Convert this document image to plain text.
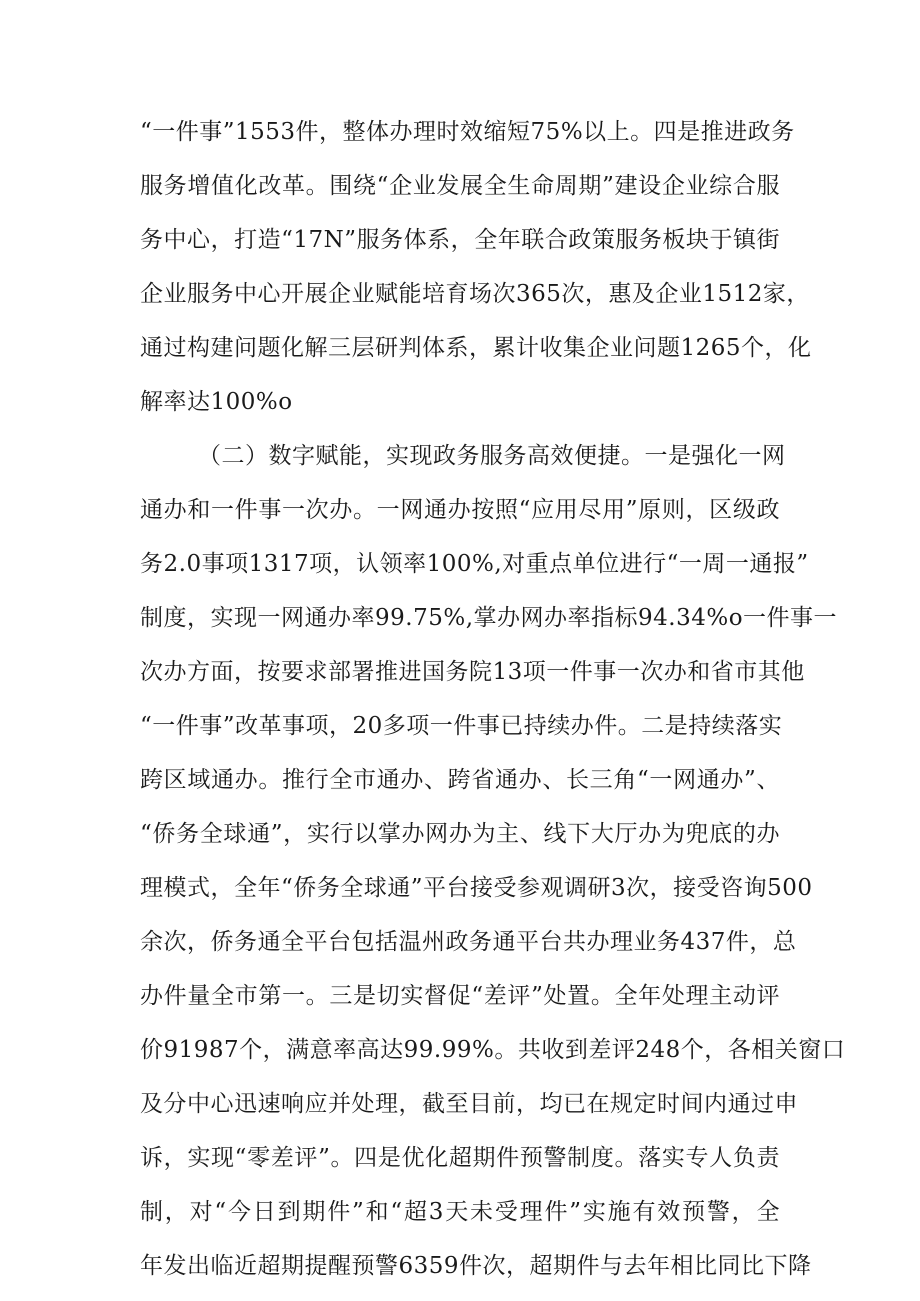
“一件事”1553件，整体办理时效缩短75%以上。四是推进政务
服务增值化改革。围绕“企业发展全生命周期”建设企业综合服
务中心，打造“17N”服务体系，全年联合政策服务板块于镇街
企业服务中心开展企业赋能培育场次365次，惠及企业1512家，
通过构建问题化解三层研判体系，累计收集企业问题1265个，化
解率达100%o
（二）数字赋能，实现政务服务高效便捷。一是强化一网
通办和一件事一次办。一网通办按照“应用尽用”原则，区级政
务2.0事项1317项，认领率100%,对重点单位进行“一周一通报”
制度，实现一网通办率99.75%,掌办网办率指标94.34%o一件事一
次办方面，按要求部署推进国务院13项一件事一次办和省市其他
“一件事”改革事项，20多项一件事已持续办件。二是持续落实
跨区域通办。推行全市通办、跨省通办、长三角“一网通办”、
“侨务全球通”，实行以掌办网办为主、线下大厅办为兜底的办
理模式，全年“侨务全球通”平台接受参观调研3次，接受咨询500
余次，侨务通全平台包括温州政务通平台共办理业务437件，总
办件量全市第一。三是切实督促“差评”处置。全年处理主动评
价91987个，满意率高达99.99%。共收到差评248个，各相关窗口
及分中心迅速响应并处理，截至目前，均已在规定时间内通过申
诉，实现“零差评”。四是优化超期件预警制度。落实专人负责
制，对“今日到期件”和“超3天未受理件”实施有效预警，全
年发出临近超期提醒预警6359件次，超期件与去年相比同比下降
